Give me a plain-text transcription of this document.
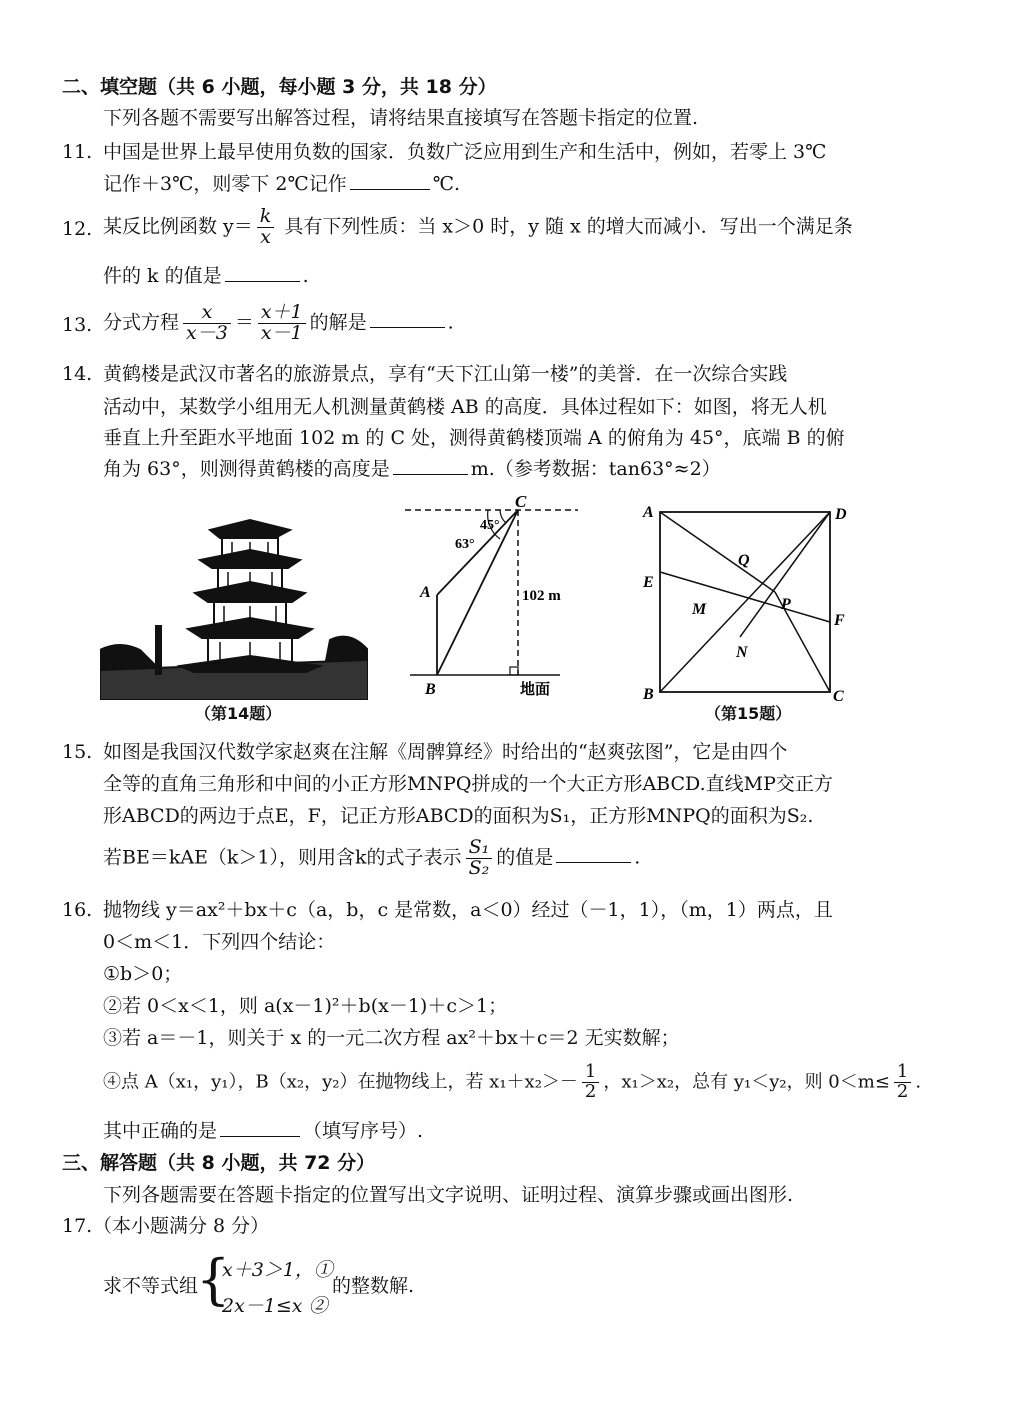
二、填空题（共 6 小题，每小题 3 分，共 18 分）
下列各题不需要写出解答过程，请将结果直接填写在答题卡指定的位置.
11. 中国是世界上最早使用负数的国家．负数广泛应用到生产和生活中，例如，若零上 3℃
记作＋3℃，则零下 2℃记作	℃.
12. 某反比例函数 $y= \frac{k}{x}$ 具有下列性质：当 x＞0 时，y 随 x 的增大而减小．写出一个满足条
件的 k 的值是	.
13. 分式方程 $\frac{x}{x-3} = \frac{x+1}{x-1}$ 的解是	.
14. 黄鹤楼是武汉市著名的旅游景点，享有“天下江山第一楼”的美誉．在一次综合实践
活动中，某数学小组用无人机测量黄鹤楼 AB 的高度．具体过程如下：如图，将无人机
垂直上升至距水平地面 102 m 的 C 处，测得黄鹤楼顶端 A 的俯角为 45°，底端 B 的俯
角为 63°，则测得黄鹤楼的高度是	m.（参考数据：tan63°≈2）
（第14题）
C
45°
63°
A
B
102 m
地面
A	D
B	C
E
F
Q
M	P
N
（第15题）
15. 如图是我国汉代数学家赵爽在注解《周髀算经》时给出的“赵爽弦图”，它是由四个
全等的直角三角形和中间的小正方形MNPQ拼成的一个大正方形ABCD.直线MP交正方
形ABCD的两边于点E，F，记正方形ABCD的面积为S₁，正方形MNPQ的面积为S₂.
若BE＝kAE（k＞1），则用含k的式子表示 $\frac{\text{S₁}}{\text{S₂}}$ 的值是	.
16. 抛物线 y＝ax²＋bx＋c（a，b，c 是常数，a＜0）经过（－1，1），（m，1）两点，且
0＜m＜1．下列四个结论：
①b＞0；
②若 0＜x＜1，则 a(x－1)²＋b(x－1)＋c＞1；
③若 a＝－1，则关于 x 的一元二次方程 ax²＋bx＋c＝2 无实数解；
④点 A（x₁，y₁），B（x₂，y₂）在抛物线上，若 $x_1+x_2>- \frac{1}{2}$ ，x₁＞x₂，总有 y₁＜y₂，则 $0<m\le \frac{1}{2}$ .
其中正确的是	（填写序号）.
三、解答题（共 8 小题，共 72 分）
下列各题需要在答题卡指定的位置写出文字说明、证明过程、演算步骤或画出图形.
17. （本小题满分 8 分）
求不等式组
{
x＋3＞1，①
2x－1≤x ②
的整数解.
